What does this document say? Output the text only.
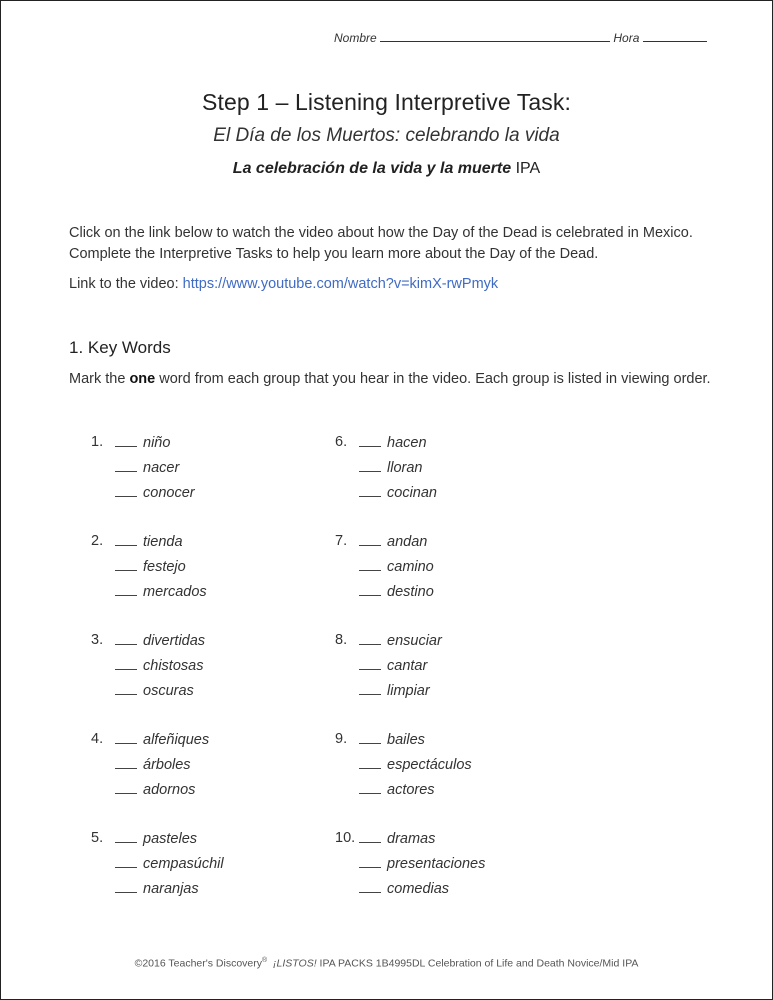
Nombre	Hora
Step 1 – Listening Interpretive Task:
El Día de los Muertos: celebrando la vida
La celebración de la vida y la muerte IPA
Click on the link below to watch the video about how the Day of the Dead is celebrated in Mexico. Complete the Interpretive Tasks to help you learn more about the Day of the Dead.
Link to the video: https://www.youtube.com/watch?v=kimX-rwPmyk
1. Key Words
Mark the one word from each group that you hear in the video. Each group is listed in viewing order.
1.	niño
nacer
conocer
2.	tienda
festejo
mercados
3.	divertidas
chistosas
oscuras
4.	alfeñiques
árboles
adornos
5.	pasteles
cempasúchil
naranjas
6.	hacen
lloran
cocinan
7.	andan
camino
destino
8.	ensuciar
cantar
limpiar
9.	bailes
espectáculos
actores
10.	dramas
presentaciones
comedias
©2016 Teacher's Discovery® ¡LISTOS! IPA PACKS 1B4995DL Celebration of Life and Death Novice/Mid IPA
